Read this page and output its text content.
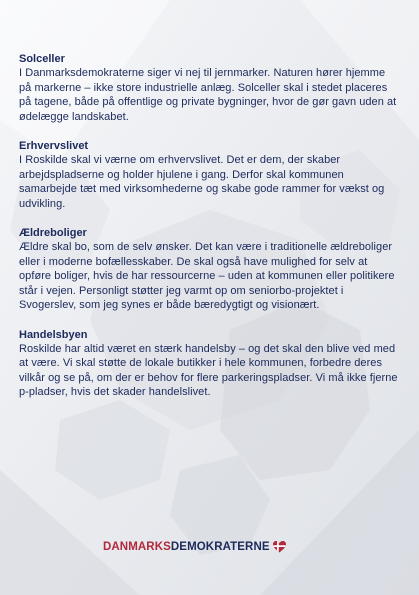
Solceller

I Danmarksdemokraterne siger vi nej til jernmarker. Naturen hører hjemme på markerne – ikke store industrielle anlæg. Solceller skal i stedet placeres på tagene, både på offentlige og private bygninger, hvor de gør gavn uden at ødelægge landskabet.

Erhvervslivet

I Roskilde skal vi værne om erhvervslivet. Det er dem, der skaber arbejdspladserne og holder hjulene i gang. Derfor skal kommunen samarbejde tæt med virksomhederne og skabe gode rammer for vækst og udvikling.

Ældreboliger

Ældre skal bo, som de selv ønsker. Det kan være i traditionelle ældreboliger eller i moderne bofællesskaber. De skal også have mulighed for selv at opføre boliger, hvis de har ressourcerne – uden at kommunen eller politikere står i vejen. Personligt støtter jeg varmt op om seniorbo-projektet i Svogerslev, som jeg synes er både bæredygtigt og visionært.

Handelsbyen

Roskilde har altid været en stærk handelsby – og det skal den blive ved med at være. Vi skal støtte de lokale butikker i hele kommunen, forbedre deres vilkår og se på, om der er behov for flere parkeringspladser. Vi må ikke fjerne p-pladser, hvis det skader handelslivet.

DANMARKS DEMOKRATERNE
